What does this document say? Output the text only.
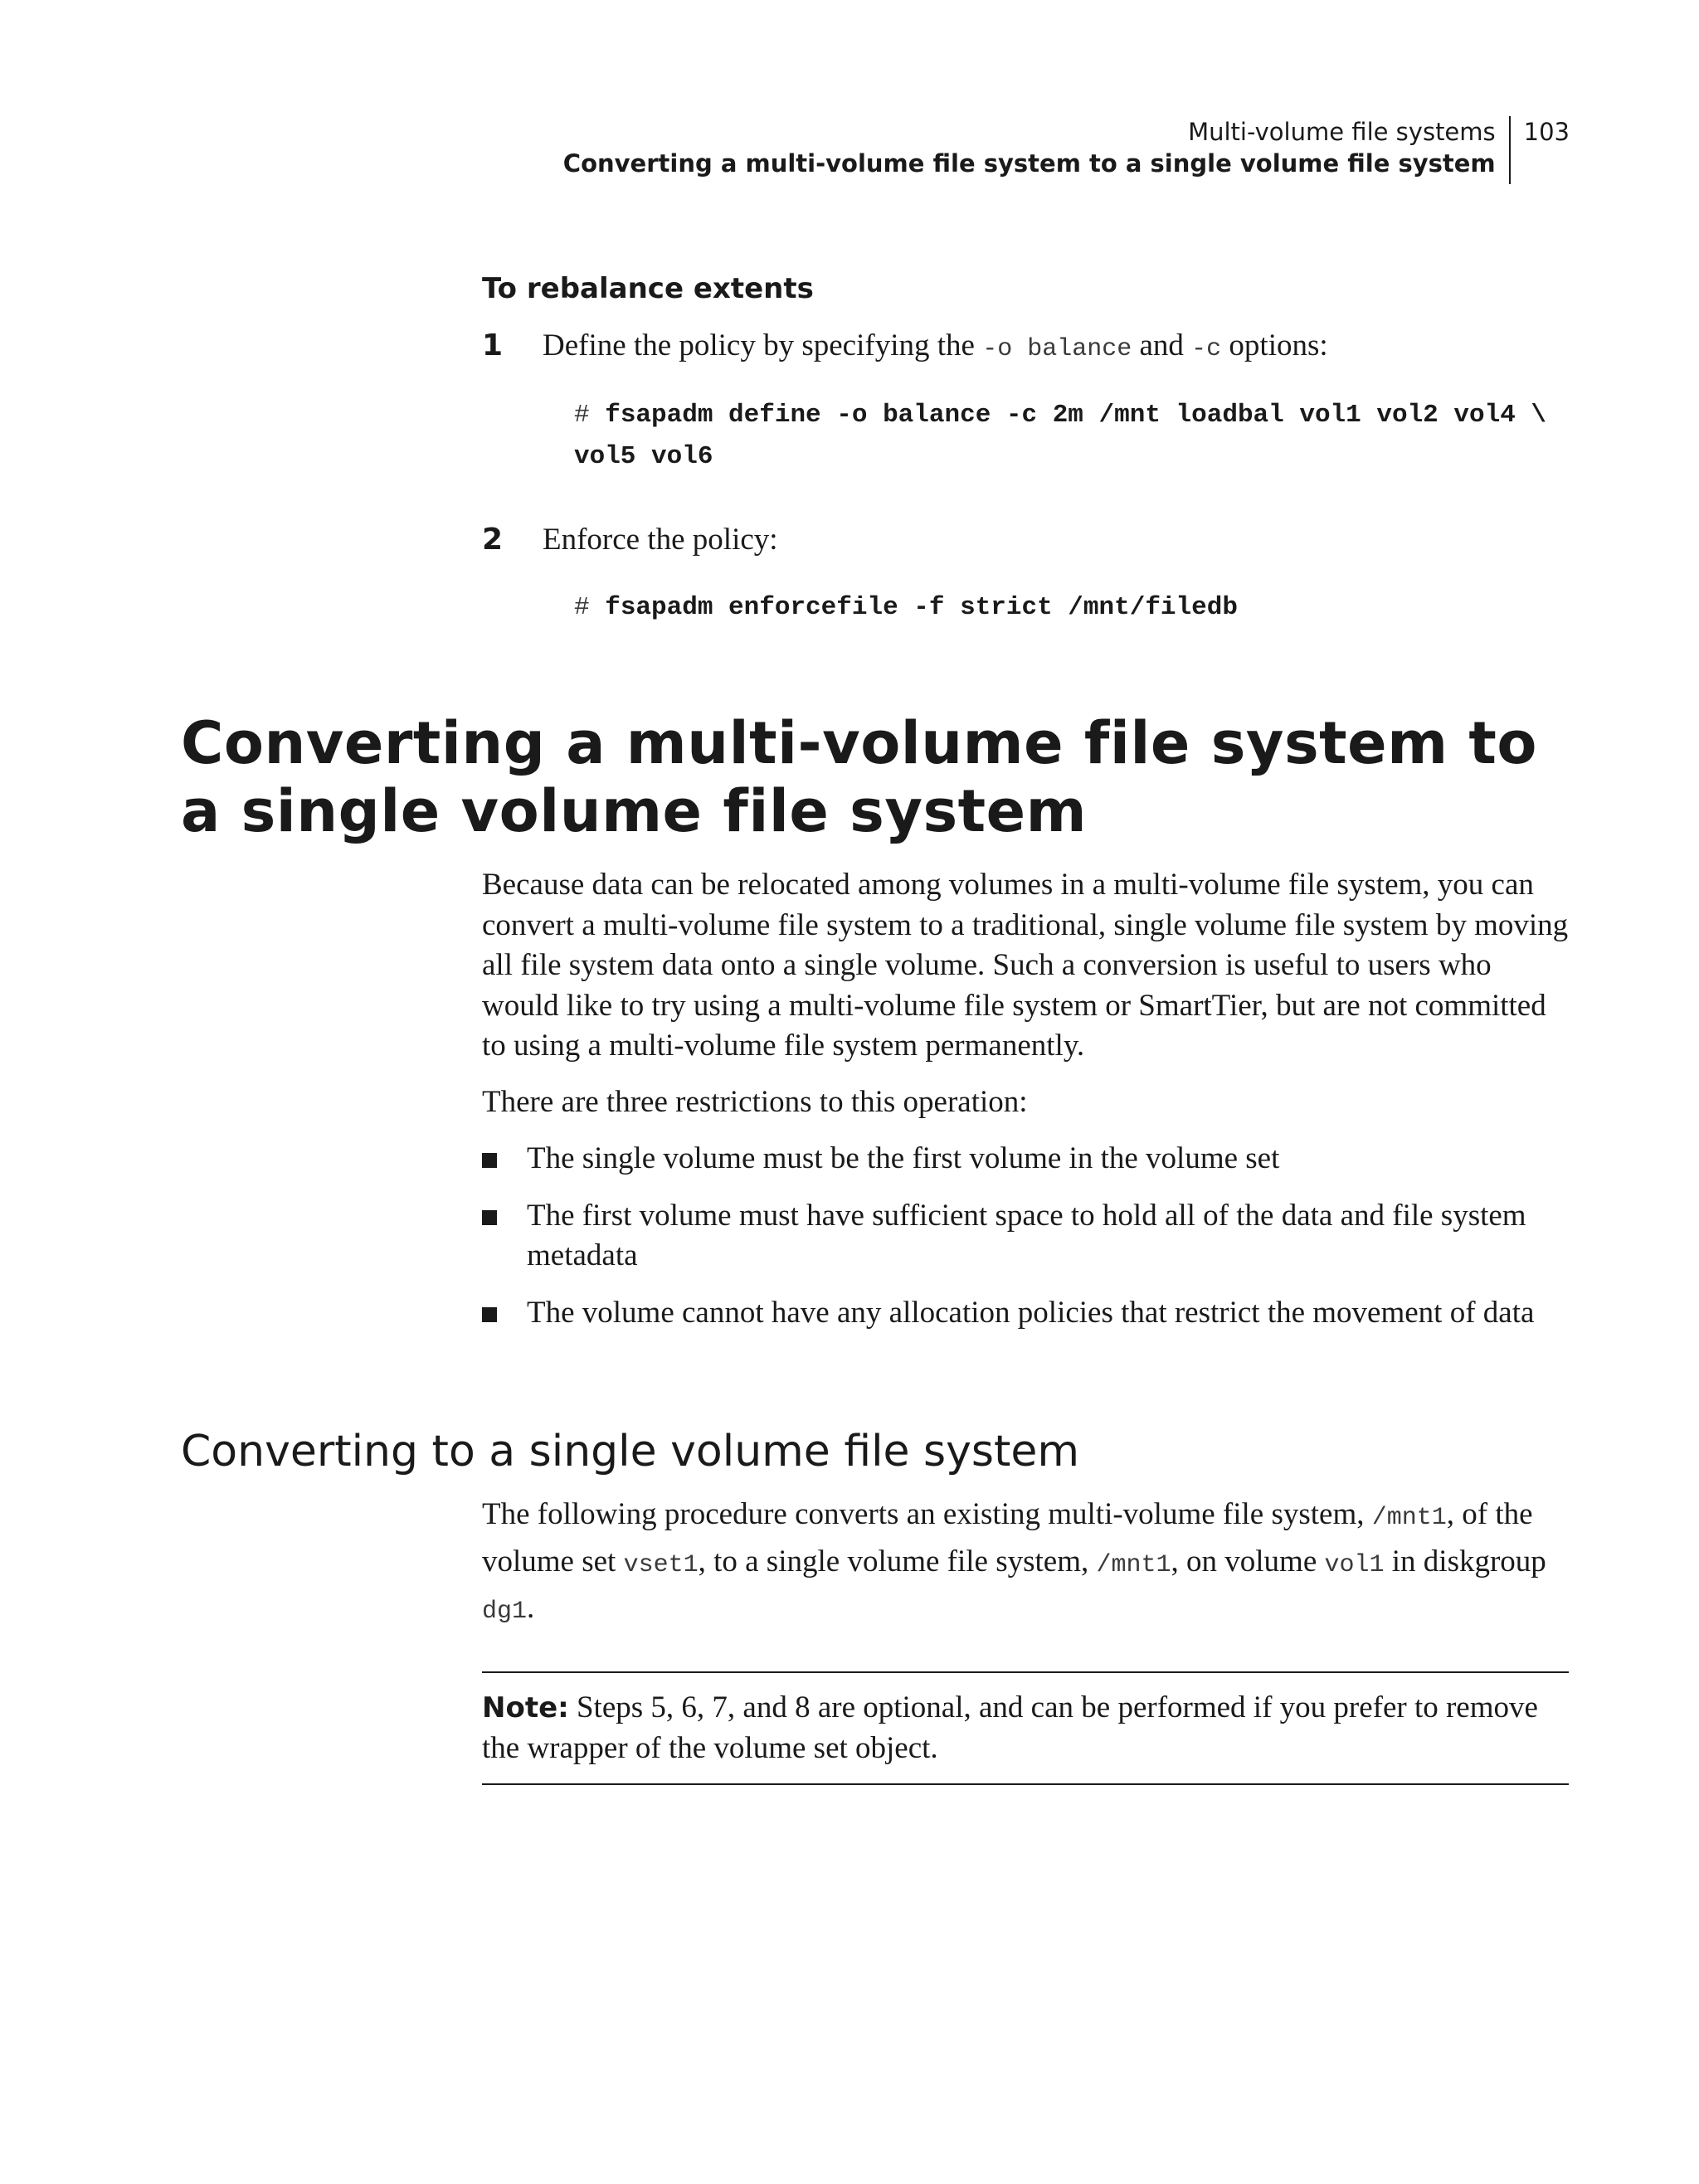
Multi-volume file systems
Converting a multi-volume file system to a single volume file system
103
To rebalance extents
1	Define the policy by specifying the -o balance and -c options:
# fsapadm define -o balance -c 2m /mnt loadbal vol1 vol2 vol4 \
vol5 vol6
2	Enforce the policy:
# fsapadm enforcefile -f strict /mnt/filedb
Converting a multi-volume file system to a single volume file system
Because data can be relocated among volumes in a multi-volume file system, you can convert a multi-volume file system to a traditional, single volume file system by moving all file system data onto a single volume. Such a conversion is useful to users who would like to try using a multi-volume file system or SmartTier, but are not committed to using a multi-volume file system permanently.
There are three restrictions to this operation:
The single volume must be the first volume in the volume set
The first volume must have sufficient space to hold all of the data and file system metadata
The volume cannot have any allocation policies that restrict the movement of data
Converting to a single volume file system
The following procedure converts an existing multi-volume file system, /mnt1, of the volume set vset1, to a single volume file system, /mnt1, on volume vol1 in diskgroup dg1.
Note: Steps 5, 6, 7, and 8 are optional, and can be performed if you prefer to remove the wrapper of the volume set object.
